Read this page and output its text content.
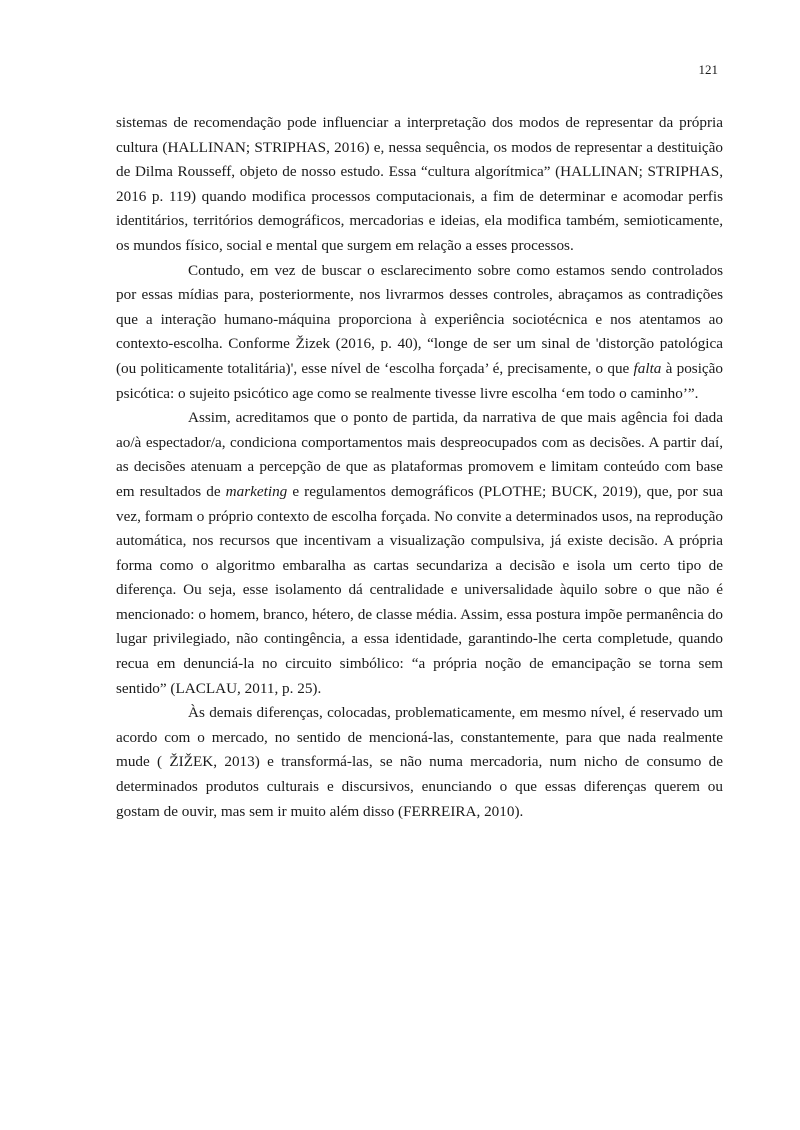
121

sistemas de recomendação pode influenciar a interpretação dos modos de representar da própria cultura (HALLINAN; STRIPHAS, 2016) e, nessa sequência, os modos de representar a destituição de Dilma Rousseff, objeto de nosso estudo. Essa “cultura algorítmica” (HALLINAN; STRIPHAS, 2016 p. 119) quando modifica processos computacionais, a fim de determinar e acomodar perfis identitários, territórios demográficos, mercadorias e ideias, ela modifica também, semioticamente, os mundos físico, social e mental que surgem em relação a esses processos.

Contudo, em vez de buscar o esclarecimento sobre como estamos sendo controlados por essas mídias para, posteriormente, nos livrarmos desses controles, abraçamos as contradições que a interação humano-máquina proporciona à experiência sociotécnica e nos atentamos ao contexto-escolha. Conforme Žizek (2016, p. 40), “longe de ser um sinal de 'distorção patológica (ou politicamente totalitária)', esse nível de ‘escolha forçada’ é, precisamente, o que falta à posição psicótica: o sujeito psicótico age como se realmente tivesse livre escolha ‘em todo o caminho’”.

Assim, acreditamos que o ponto de partida, da narrativa de que mais agência foi dada ao/à espectador/a, condiciona comportamentos mais despreocupados com as decisões. A partir daí, as decisões atenuam a percepção de que as plataformas promovem e limitam conteúdo com base em resultados de marketing e regulamentos demográficos (PLOTHE; BUCK, 2019), que, por sua vez, formam o próprio contexto de escolha forçada. No convite a determinados usos, na reprodução automática, nos recursos que incentivam a visualização compulsiva, já existe decisão. A própria forma como o algoritmo embaralha as cartas secundariza a decisão e isola um certo tipo de diferença. Ou seja, esse isolamento dá centralidade e universalidade àquilo sobre o que não é mencionado: o homem, branco, hétero, de classe média. Assim, essa postura impõe permanência do lugar privilegiado, não contingência, a essa identidade, garantindo-lhe certa completude, quando recua em denunciá-la no circuito simbólico: “a própria noção de emancipação se torna sem sentido” (LACLAU, 2011, p. 25).

Às demais diferenças, colocadas, problematicamente, em mesmo nível, é reservado um acordo com o mercado, no sentido de mencioná-las, constantemente, para que nada realmente mude ( ŽIŽEK, 2013) e transformá-las, se não numa mercadoria, num nicho de consumo de determinados produtos culturais e discursivos, enunciando o que essas diferenças querem ou gostam de ouvir, mas sem ir muito além disso (FERREIRA, 2010).
